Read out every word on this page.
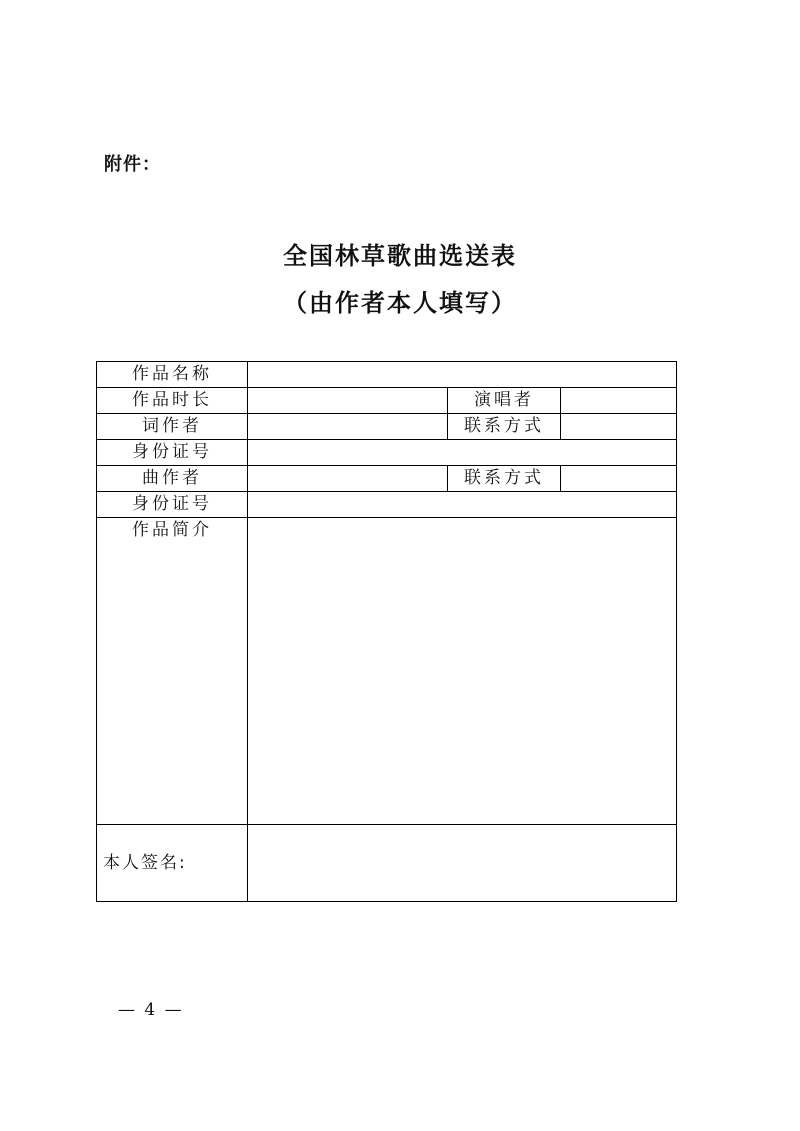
附件：
全国林草歌曲选送表
（由作者本人填写）
作品名称			
作品时长		演唱者	
词作者		联系方式	
身份证号			
曲作者		联系方式	
身份证号			
作品简介			
本人签名:			
— 4 —
